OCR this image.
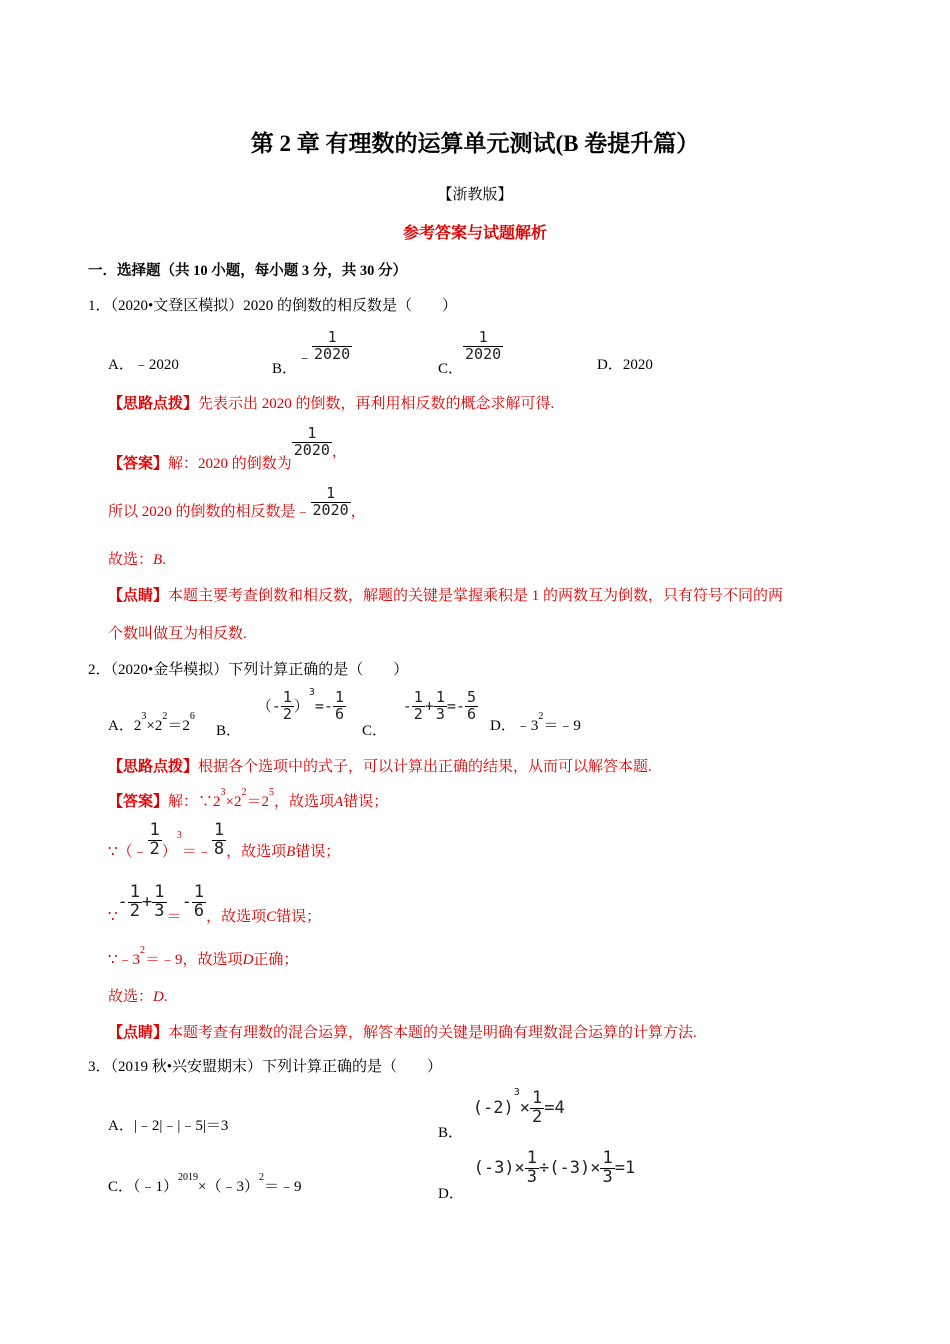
第 2 章 有理数的运算单元测试(B 卷提升篇）
【浙教版】
参考答案与试题解析
一．选择题（共 10 小题，每小题 3 分，共 30 分）
1．（2020•文登区模拟）2020 的倒数的相反数是（　　）
A．﹣2020	B．﹣ $\frac{1}{2020}$
C．
$\frac{1}{2020}$
D．2020
【思路点拨】先表示出 2020 的倒数，再利用相反数的概念求解可得.
【答案】解：2020 的倒数为
$\frac{1}{2020}$ ，
所以 2020 的倒数的相反数是﹣ $\frac{1}{2020}$ ，
故选：B.
【点睛】本题主要考查倒数和相反数，解题的关键是掌握乘积是 1 的两数互为倒数，只有符号不同的两
个数叫做互为相反数.
2．（2020•金华模拟）下列计算正确的是（　　）
A．$2^3\times 2^2=2^6$
B． （- $\frac{1}{2} )^3=- \frac{1}{6}$
C． - $\frac{1}{2} + \frac{1}{3} =- \frac{5}{6}$
D．$﹣3^2=﹣9$
【思路点拨】根据各个选项中的式子，可以计算出正确的结果，从而可以解答本题.
【答案】解：$\because 2^3\times 2^2=2^5$，故选项A错误；
∵（﹣ $\frac{1}{2}$ ）$^3$＝﹣ $\frac{1}{8}$ ，故选项B错误；
∵- $\frac{1}{2} + \frac{1}{3} =- \frac{1}{6}$ ，故选项C错误；
$\because﹣3^2=﹣9$，故选项D正确；
故选：D.
【点睛】本题考查有理数的混合运算，解答本题的关键是明确有理数混合运算的计算方法.
3．（2019 秋•兴安盟期末）下列计算正确的是（　　）
A．|﹣2|﹣|﹣5|＝3	B． $(-2)^3\times \frac{1}{2} =4$
C．（﹣1）$^{2019}$×（﹣3）$^2$＝﹣9	D． $(-3)\times \frac{1}{3} \div(-3)\times \frac{1}{3} =1$
